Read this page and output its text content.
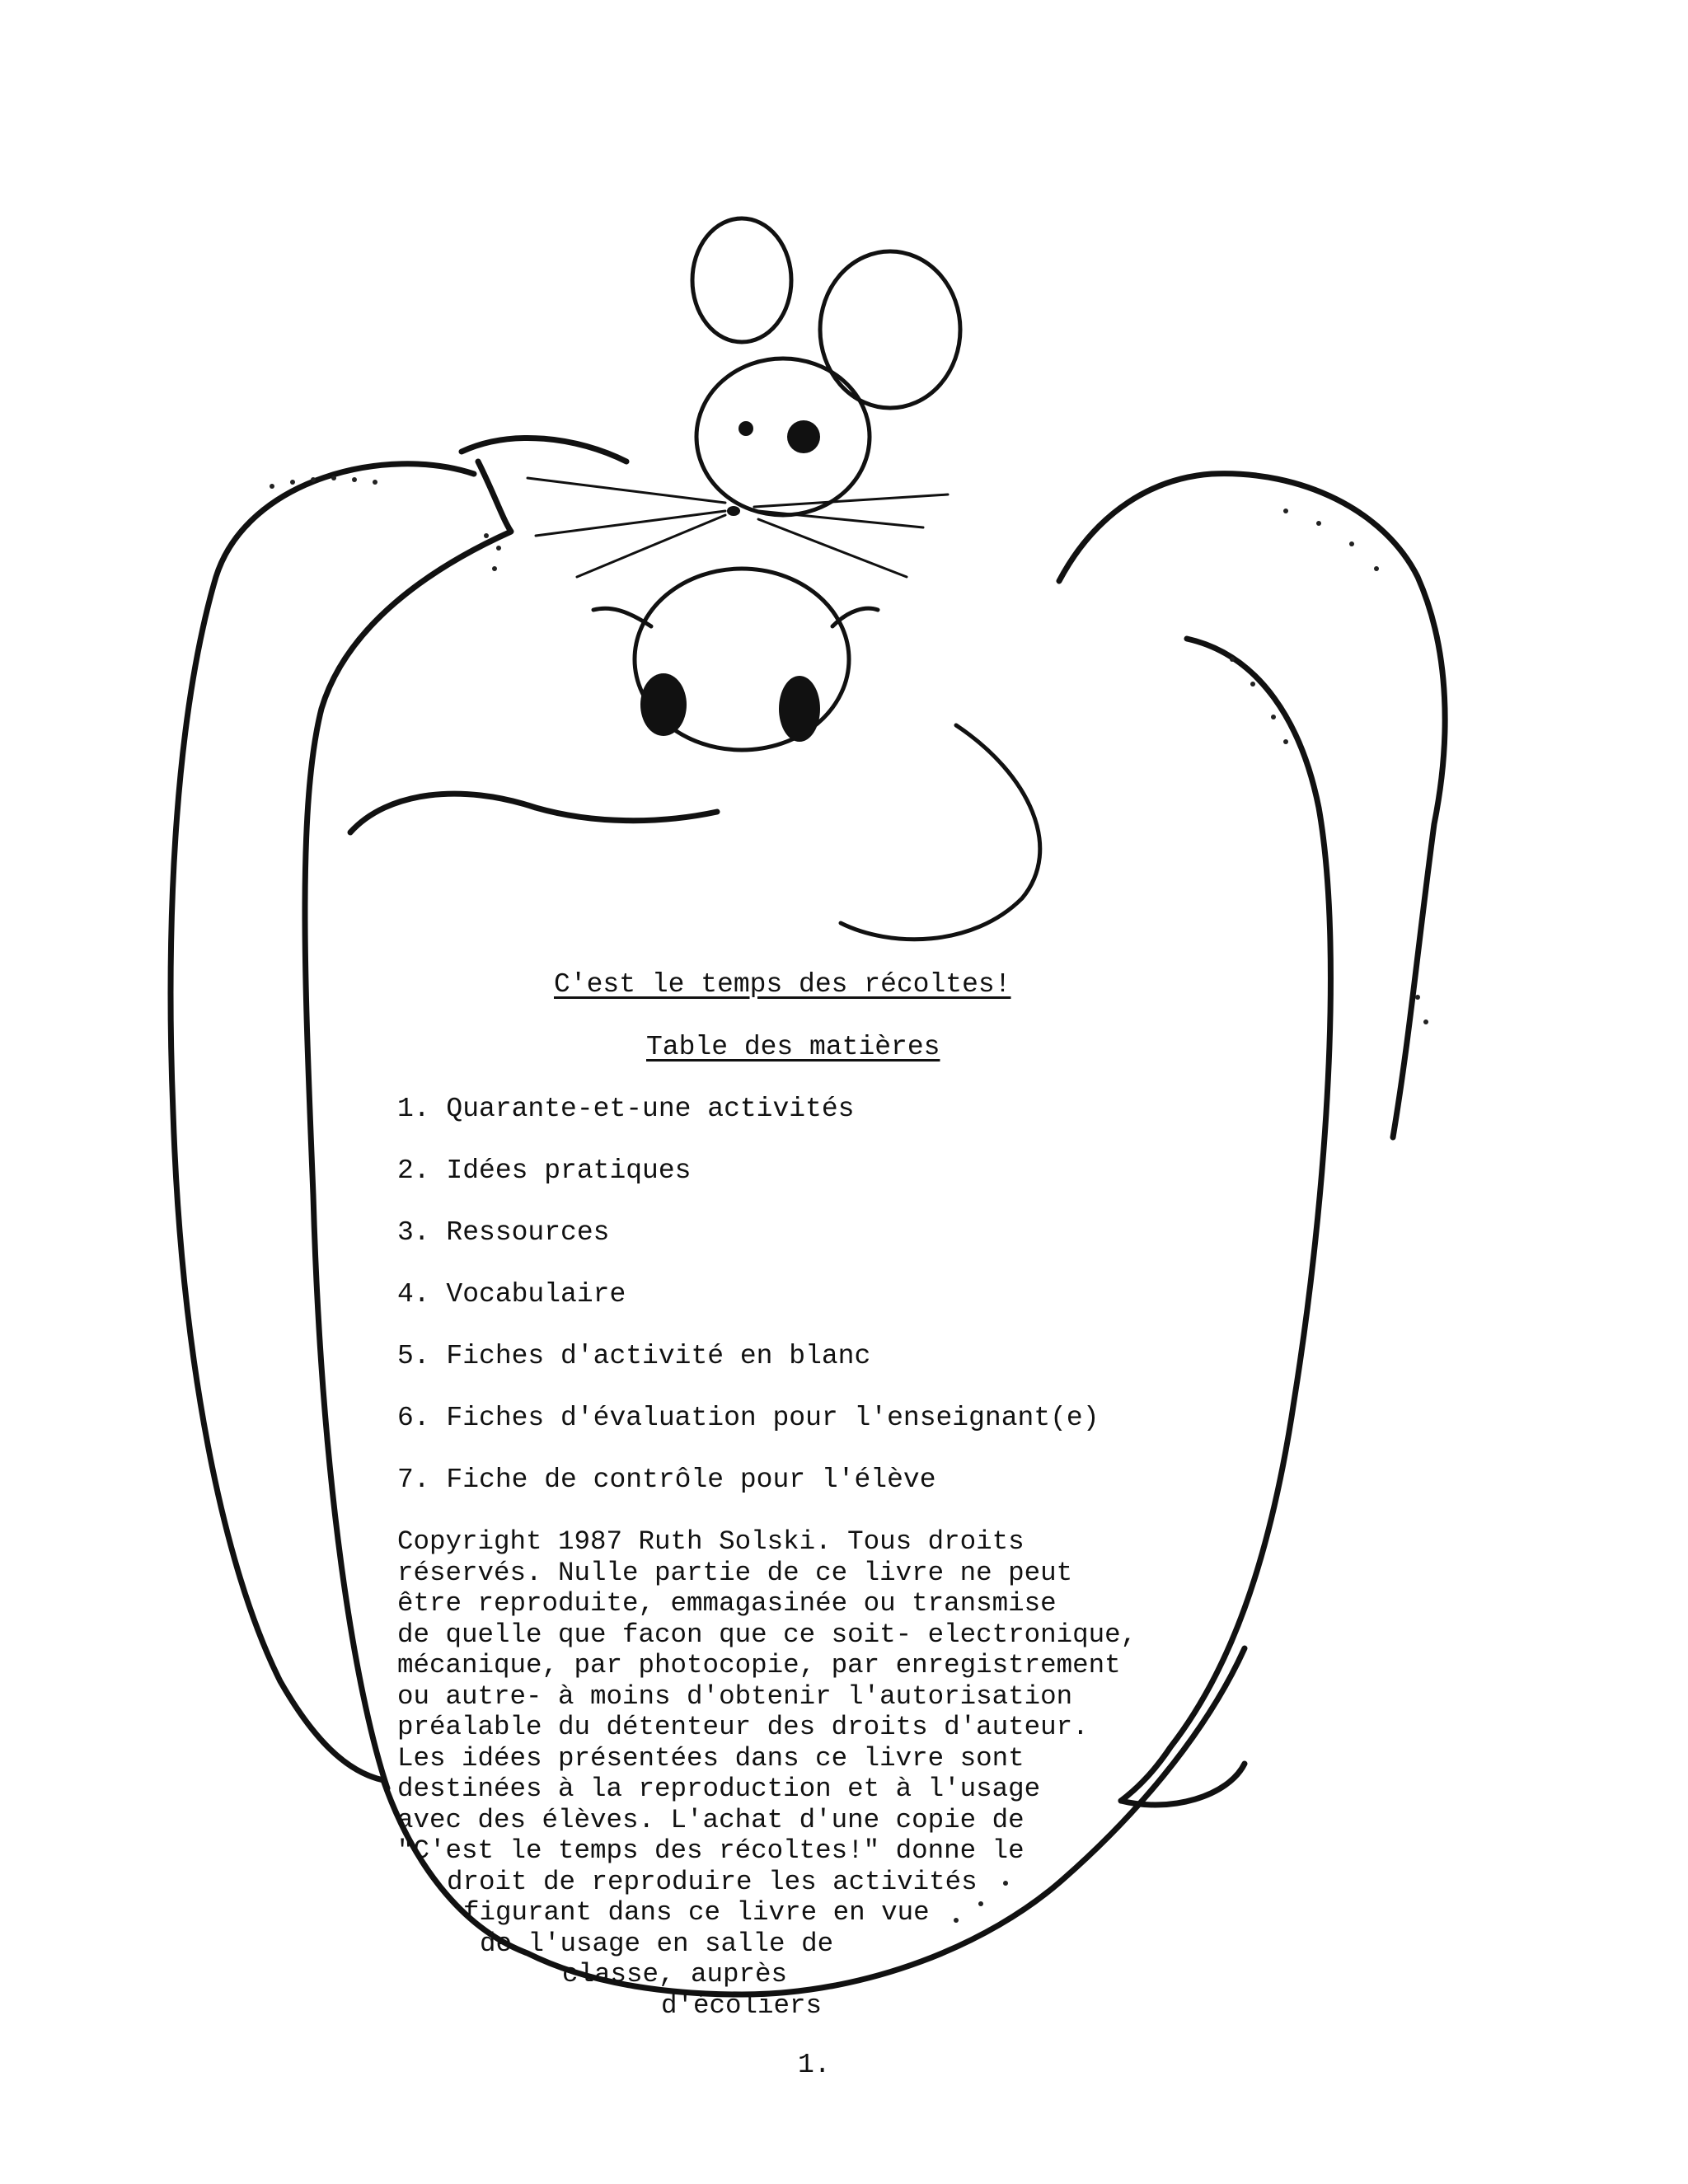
C'est le temps des récoltes!
Table des matières
1. Quarante-et-une activités
2. Idées pratiques
3. Ressources
4. Vocabulaire
5. Fiches d'activité en blanc
6. Fiches d'évaluation pour l'enseignant(e)
7. Fiche de contrôle pour l'élève
Copyright 1987 Ruth Solski. Tous droits
réservés. Nulle partie de ce livre ne peut
être reproduite, emmagasinée ou transmise
de quelle que facon que ce soit- electronique,
mécanique, par photocopie, par enregistrement
ou autre- à moins d'obtenir l'autorisation
préalable du détenteur des droits d'auteur.
Les idées présentées dans ce livre sont
destinées à la reproduction et à l'usage
avec des élèves. L'achat d'une copie de
"C'est le temps des récoltes!" donne le
droit de reproduire les activités
figurant dans ce livre en vue
de l'usage en salle de
classe, auprès
d'écoliers
1.
